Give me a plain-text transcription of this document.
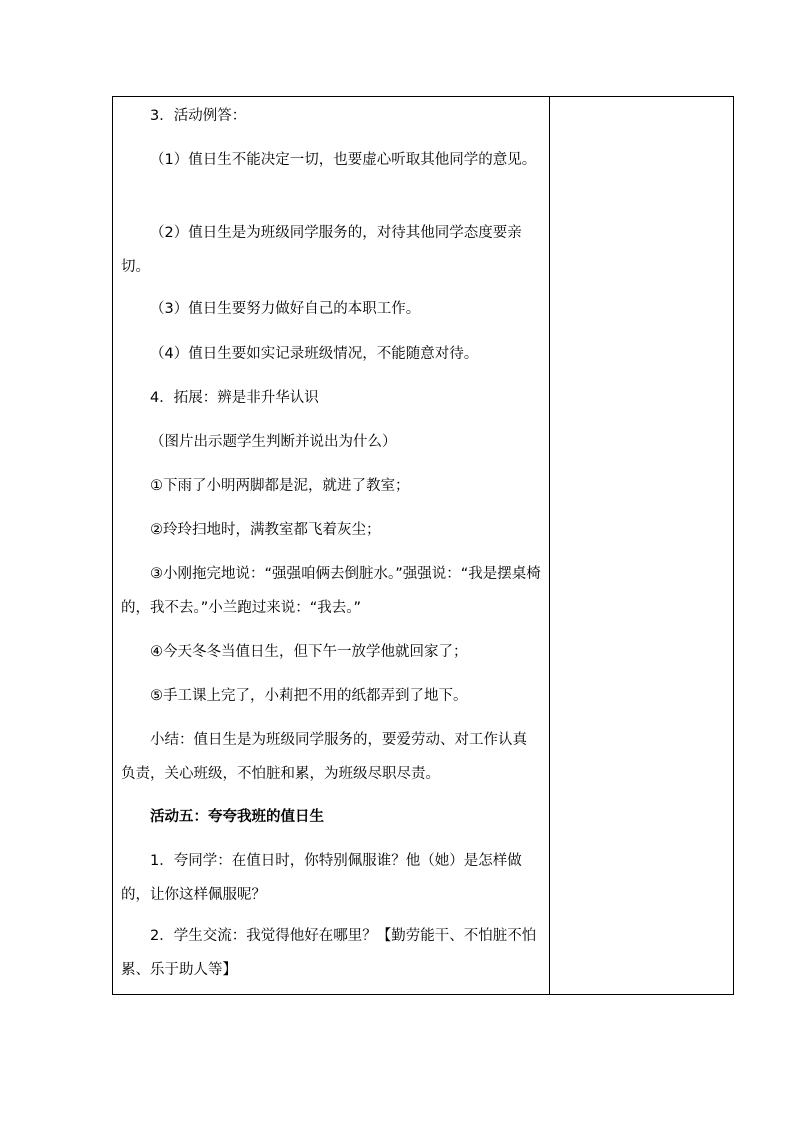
3．活动例答：
（1）值日生不能决定一切，也要虚心听取其他同学的意见。
（2）值日生是为班级同学服务的，对待其他同学态度要亲切。
（3）值日生要努力做好自己的本职工作。
（4）值日生要如实记录班级情况，不能随意对待。
4．拓展：辨是非升华认识
（图片出示题学生判断并说出为什么）
①下雨了小明两脚都是泥，就进了教室；
②玲玲扫地时，满教室都飞着灰尘；
③小刚拖完地说：“强强咱俩去倒脏水。”强强说：“我是摆桌椅的，我不去。”小兰跑过来说：“我去。”
④今天冬冬当值日生，但下午一放学他就回家了；
⑤手工课上完了，小莉把不用的纸都弄到了地下。
小结：值日生是为班级同学服务的，要爱劳动、对工作认真负责，关心班级，不怕脏和累，为班级尽职尽责。
活动五：夸夸我班的值日生
1．夸同学：在值日时，你特别佩服谁？他（她）是怎样做的，让你这样佩服呢？
2．学生交流：我觉得他好在哪里？【勤劳能干、不怕脏不怕累、乐于助人等】
